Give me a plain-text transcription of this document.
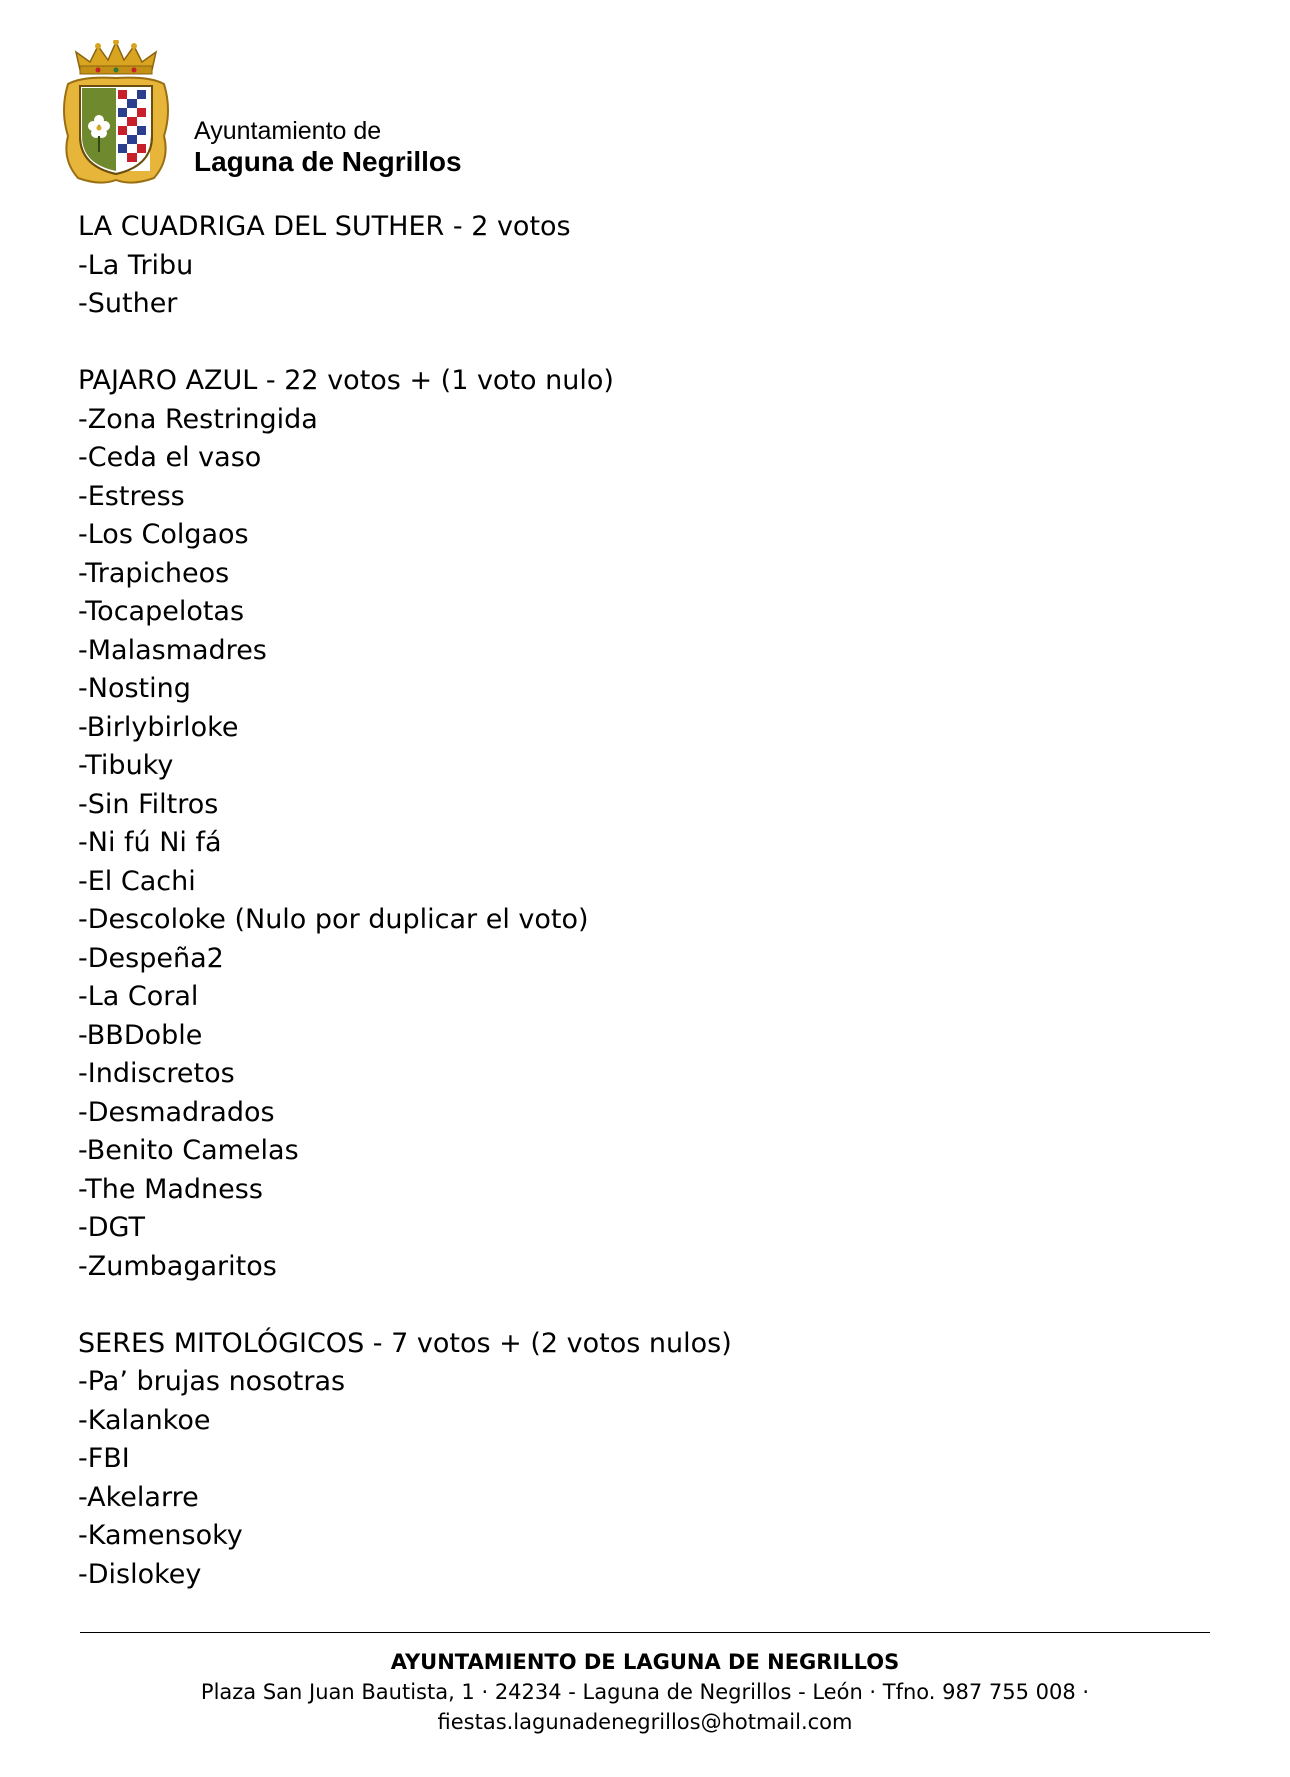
Ayuntamiento de
Laguna de Negrillos
LA CUADRIGA DEL SUTHER - 2 votos
-La Tribu
-Suther
PAJARO AZUL - 22 votos + (1 voto nulo)
-Zona Restringida
-Ceda el vaso
-Estress
-Los Colgaos
-Trapicheos
-Tocapelotas
-Malasmadres
-Nosting
-Birlybirloke
-Tibuky
-Sin Filtros
-Ni fú Ni fá
-El Cachi
-Descoloke (Nulo por duplicar el voto)
-Despeña2
-La Coral
-BBDoble
-Indiscretos
-Desmadrados
-Benito Camelas
-The Madness
-DGT
-Zumbagaritos
SERES MITOLÓGICOS - 7 votos + (2 votos nulos)
-Pa’ brujas nosotras
-Kalankoe
-FBI
-Akelarre
-Kamensoky
-Dislokey
AYUNTAMIENTO DE LAGUNA DE NEGRILLOS
Plaza San Juan Bautista, 1 · 24234 - Laguna de Negrillos - León · Tfno. 987 755 008 ·
fiestas.lagunadenegrillos@hotmail.com
